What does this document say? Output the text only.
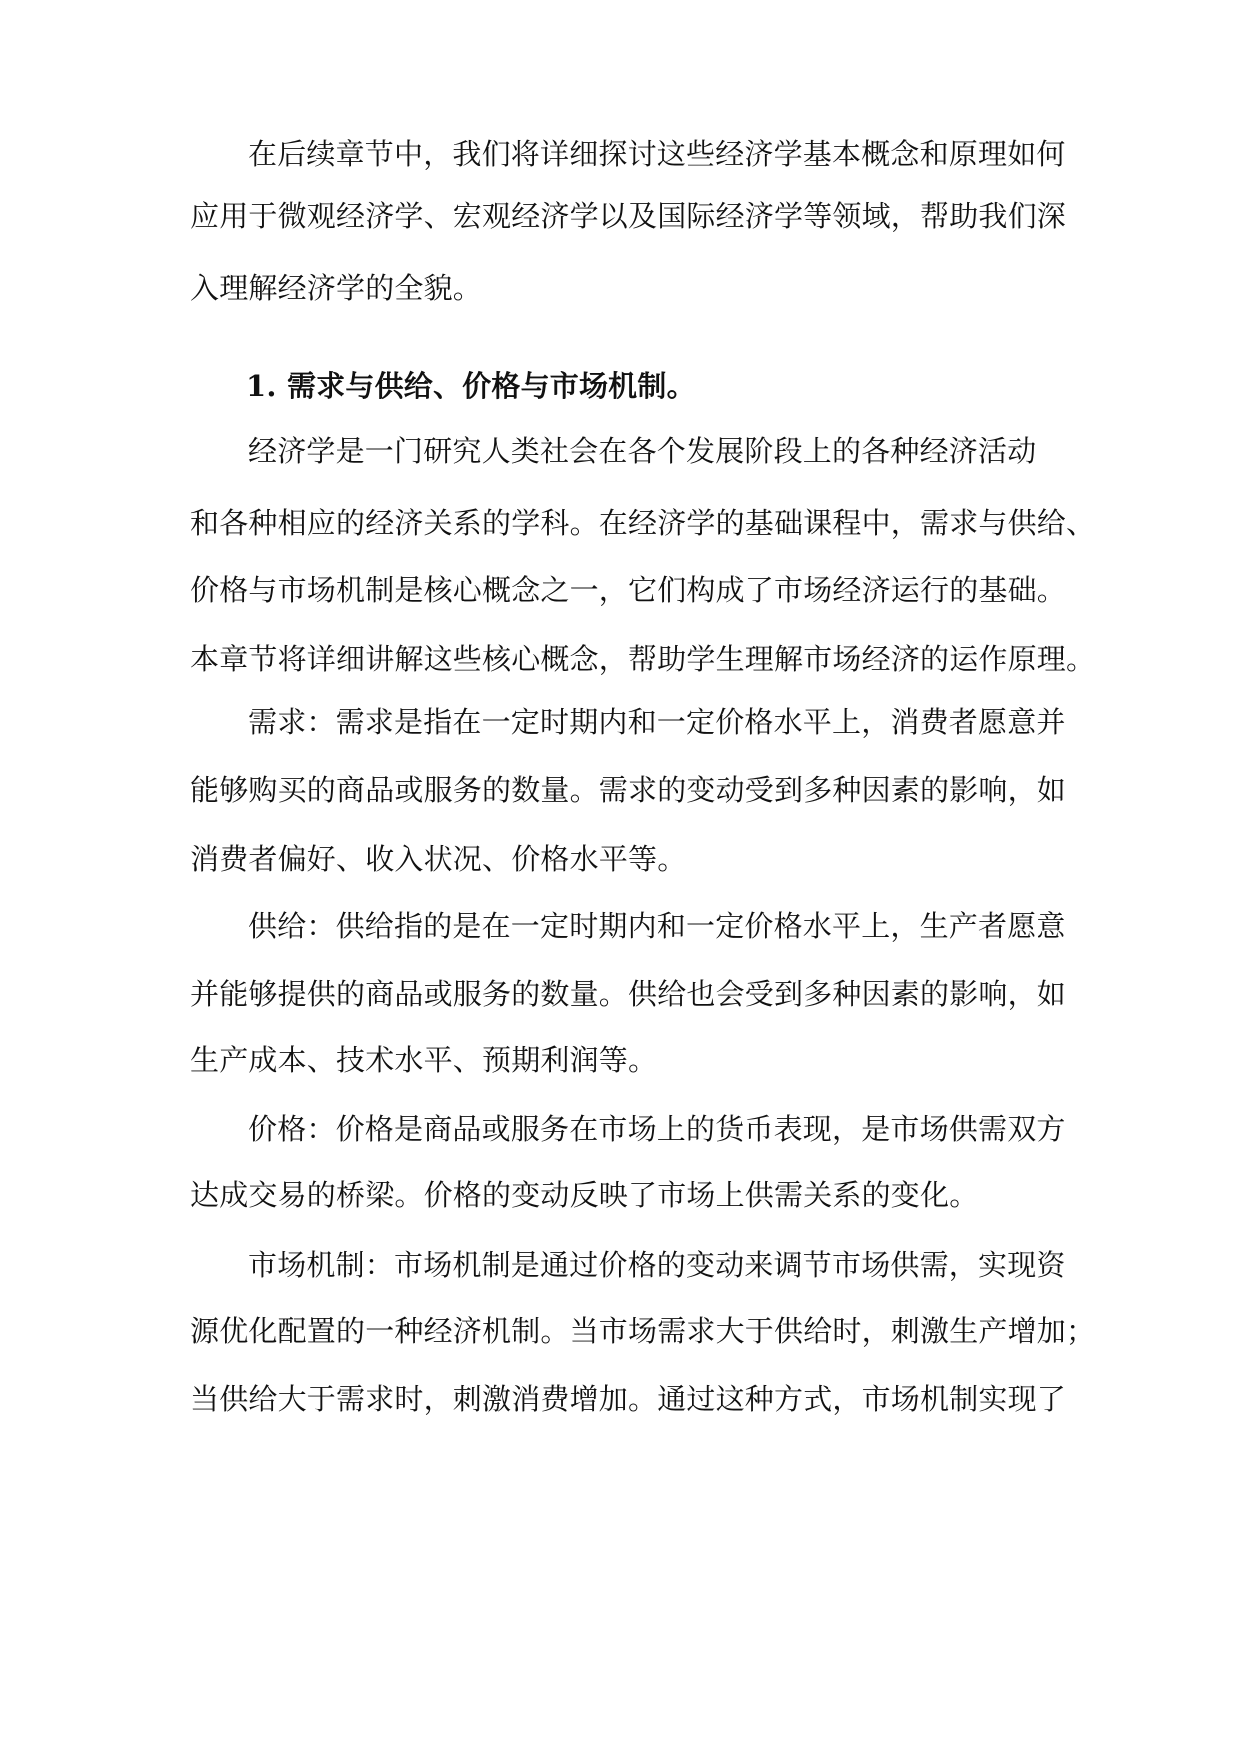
在后续章节中，我们将详细探讨这些经济学基本概念和原理如何
应用于微观经济学、宏观经济学以及国际经济学等领域，帮助我们深
入理解经济学的全貌。
1. 需求与供给、价格与市场机制。
经济学是一门研究人类社会在各个发展阶段上的各种经济活动
和各种相应的经济关系的学科。在经济学的基础课程中，需求与供给、
价格与市场机制是核心概念之一，它们构成了市场经济运行的基础。
本章节将详细讲解这些核心概念，帮助学生理解市场经济的运作原理。
需求：需求是指在一定时期内和一定价格水平上，消费者愿意并
能够购买的商品或服务的数量。需求的变动受到多种因素的影响，如
消费者偏好、收入状况、价格水平等。
供给：供给指的是在一定时期内和一定价格水平上，生产者愿意
并能够提供的商品或服务的数量。供给也会受到多种因素的影响，如
生产成本、技术水平、预期利润等。
价格：价格是商品或服务在市场上的货币表现，是市场供需双方
达成交易的桥梁。价格的变动反映了市场上供需关系的变化。
市场机制：市场机制是通过价格的变动来调节市场供需，实现资
源优化配置的一种经济机制。当市场需求大于供给时，刺激生产增加；
当供给大于需求时，刺激消费增加。通过这种方式，市场机制实现了
